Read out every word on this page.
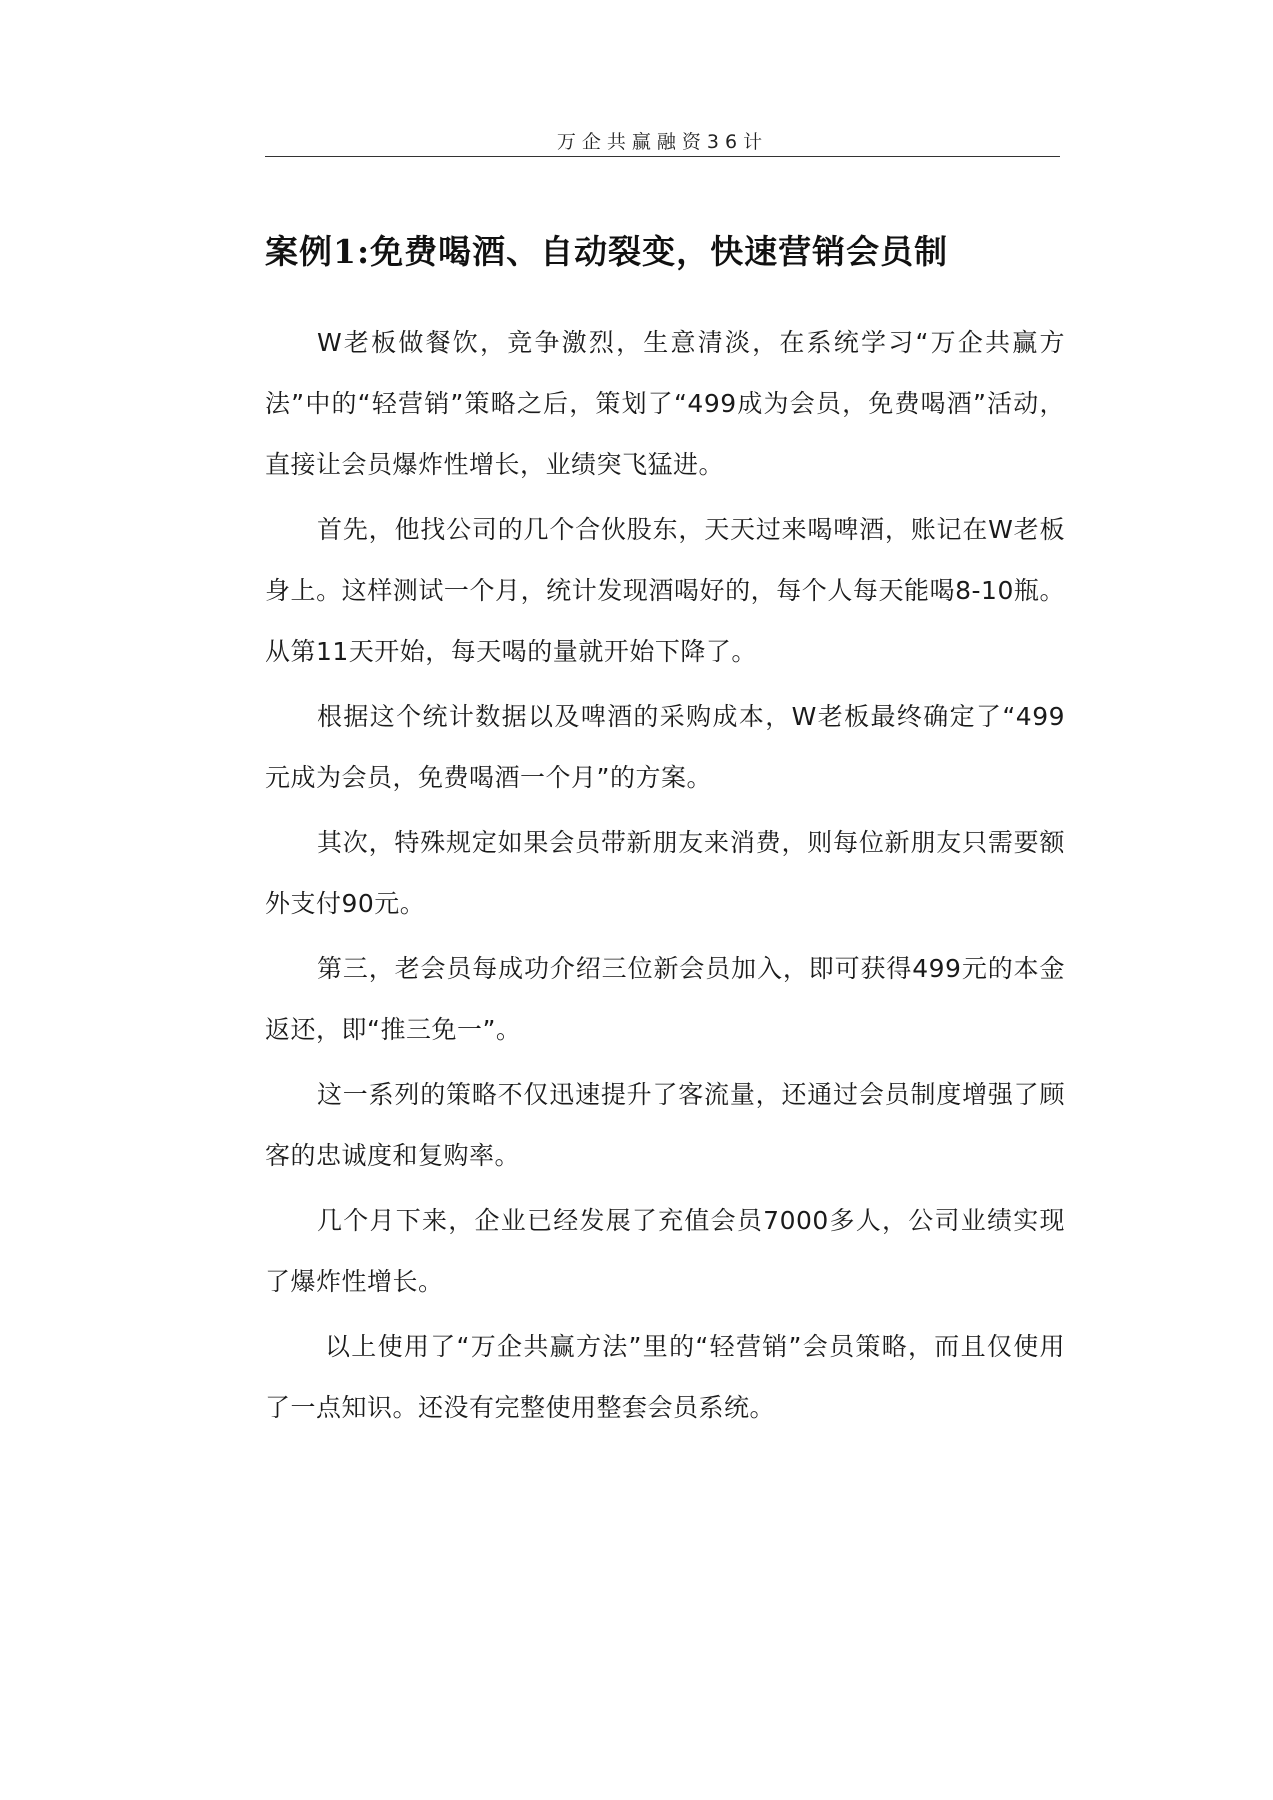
万企共赢融资36计
案例1:免费喝酒、自动裂变，快速营销会员制

W老板做餐饮，竞争激烈，生意清淡，在系统学习“万企共赢方法”中的“轻营销”策略之后，策划了“499成为会员，免费喝酒”活动，直接让会员爆炸性增长，业绩突飞猛进。

首先，他找公司的几个合伙股东，天天过来喝啤酒，账记在W老板身上。这样测试一个月，统计发现酒喝好的，每个人每天能喝8-10瓶。从第11天开始，每天喝的量就开始下降了。

根据这个统计数据以及啤酒的采购成本，W老板最终确定了“499元成为会员，免费喝酒一个月”的方案。

其次，特殊规定如果会员带新朋友来消费，则每位新朋友只需要额外支付90元。

第三，老会员每成功介绍三位新会员加入，即可获得499元的本金返还，即“推三免一”。

这一系列的策略不仅迅速提升了客流量，还通过会员制度增强了顾客的忠诚度和复购率。

几个月下来，企业已经发展了充值会员7000多人，公司业绩实现了爆炸性增长。

以上使用了“万企共赢方法”里的“轻营销”会员策略，而且仅使用了一点知识。还没有完整使用整套会员系统。
